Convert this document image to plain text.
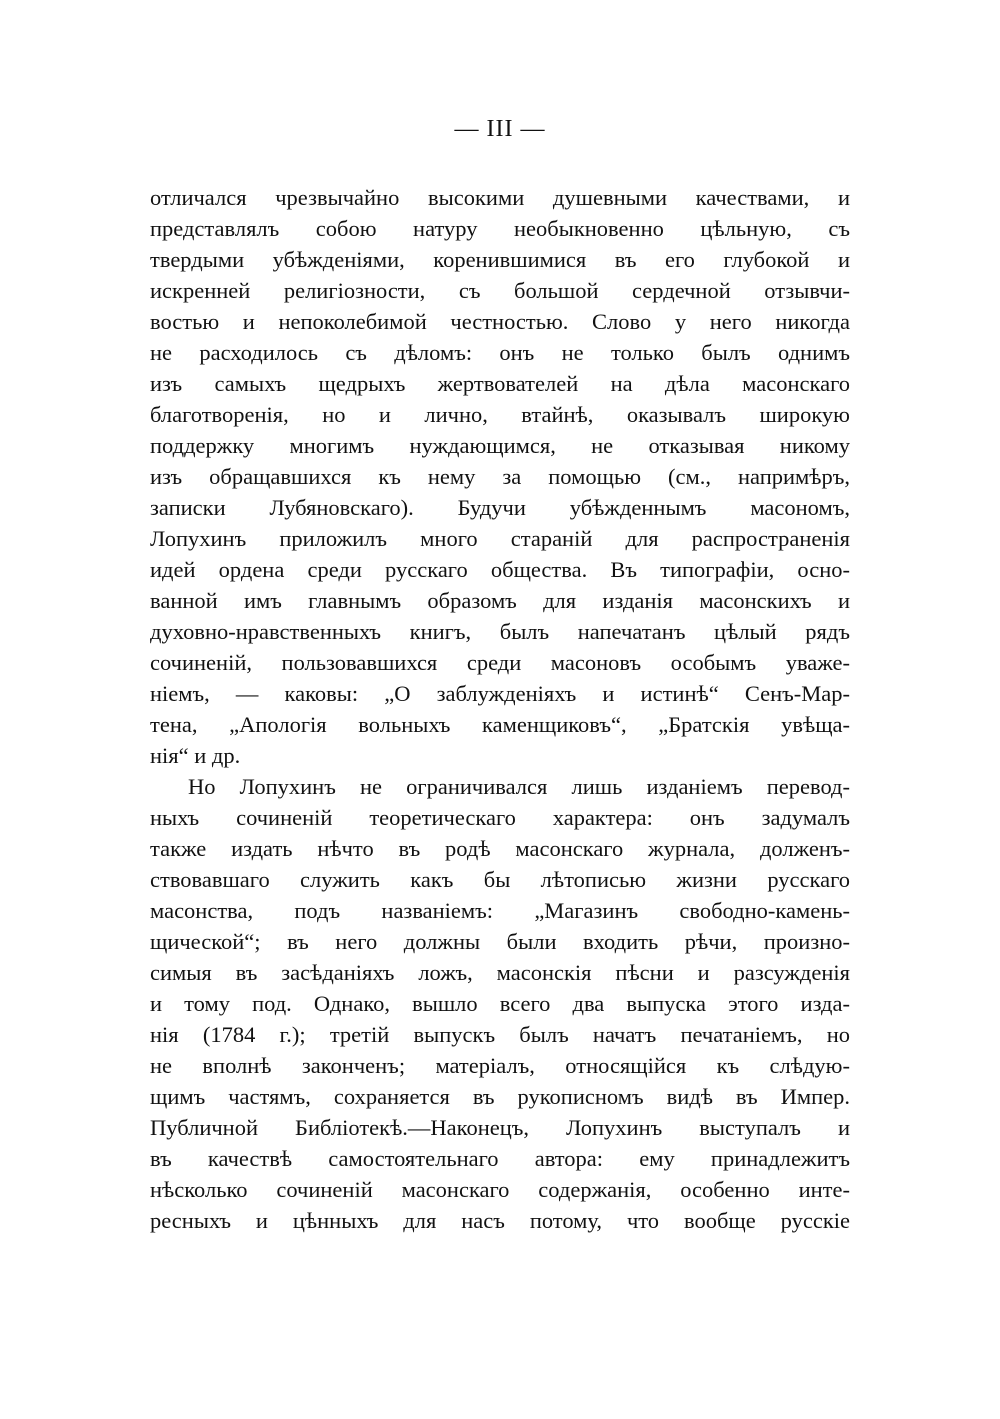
— III —
отличался чрезвычайно высокими душевными качествами, и
представлялъ собою натуру необыкновенно цѣльную, съ
твердыми убѣжденіями, коренившимися въ его глубокой и
искренней религіозности, съ большой сердечной отзывчи-
востью и непоколебимой честностью. Слово у него никогда
не расходилось съ дѣломъ: онъ не только былъ однимъ
изъ самыхъ щедрыхъ жертвователей на дѣла масонскаго
благотворенія, но и лично, втайнѣ, оказывалъ широкую
поддержку многимъ нуждающимся, не отказывая никому
изъ обращавшихся къ нему за помощью (см., напримѣръ,
записки Лубяновскаго). Будучи убѣжденнымъ масономъ,
Лопухинъ приложилъ много стараній для распространенія
идей ордена среди русскаго общества. Въ типографіи, осно-
ванной имъ главнымъ образомъ для изданія масонскихъ и
духовно-нравственныхъ книгъ, былъ напечатанъ цѣлый рядъ
сочиненій, пользовавшихся среди масоновъ особымъ уваже-
ніемъ, — каковы: „О заблужденіяхъ и истинѣ“ Сенъ-Мар-
тена, „Апологія вольныхъ каменщиковъ“, „Братскія увѣща-
нія“ и др.
Но Лопухинъ не ограничивался лишь изданіемъ перевод-
ныхъ сочиненій теоретическаго характера: онъ задумалъ
также издать нѣчто въ родѣ масонскаго журнала, долженъ-
ствовавшаго служить какъ бы лѣтописью жизни русскаго
масонства, подъ названіемъ: „Магазинъ свободно-камень-
щической“; въ него должны были входить рѣчи, произно-
симыя въ засѣданіяхъ ложъ, масонскія пѣсни и разсужденія
и тому под. Однако, вышло всего два выпуска этого изда-
нія (1784 г.); третій выпускъ былъ начатъ печатаніемъ, но
не вполнѣ законченъ; матеріалъ, относящійся къ слѣдую-
щимъ частямъ, сохраняется въ рукописномъ видѣ въ Импер.
Публичной Библіотекѣ.—Наконецъ, Лопухинъ выступалъ и
въ качествѣ самостоятельнаго автора: ему принадлежитъ
нѣсколько сочиненій масонскаго содержанія, особенно инте-
ресныхъ и цѣнныхъ для насъ потому, что вообще русскіе
